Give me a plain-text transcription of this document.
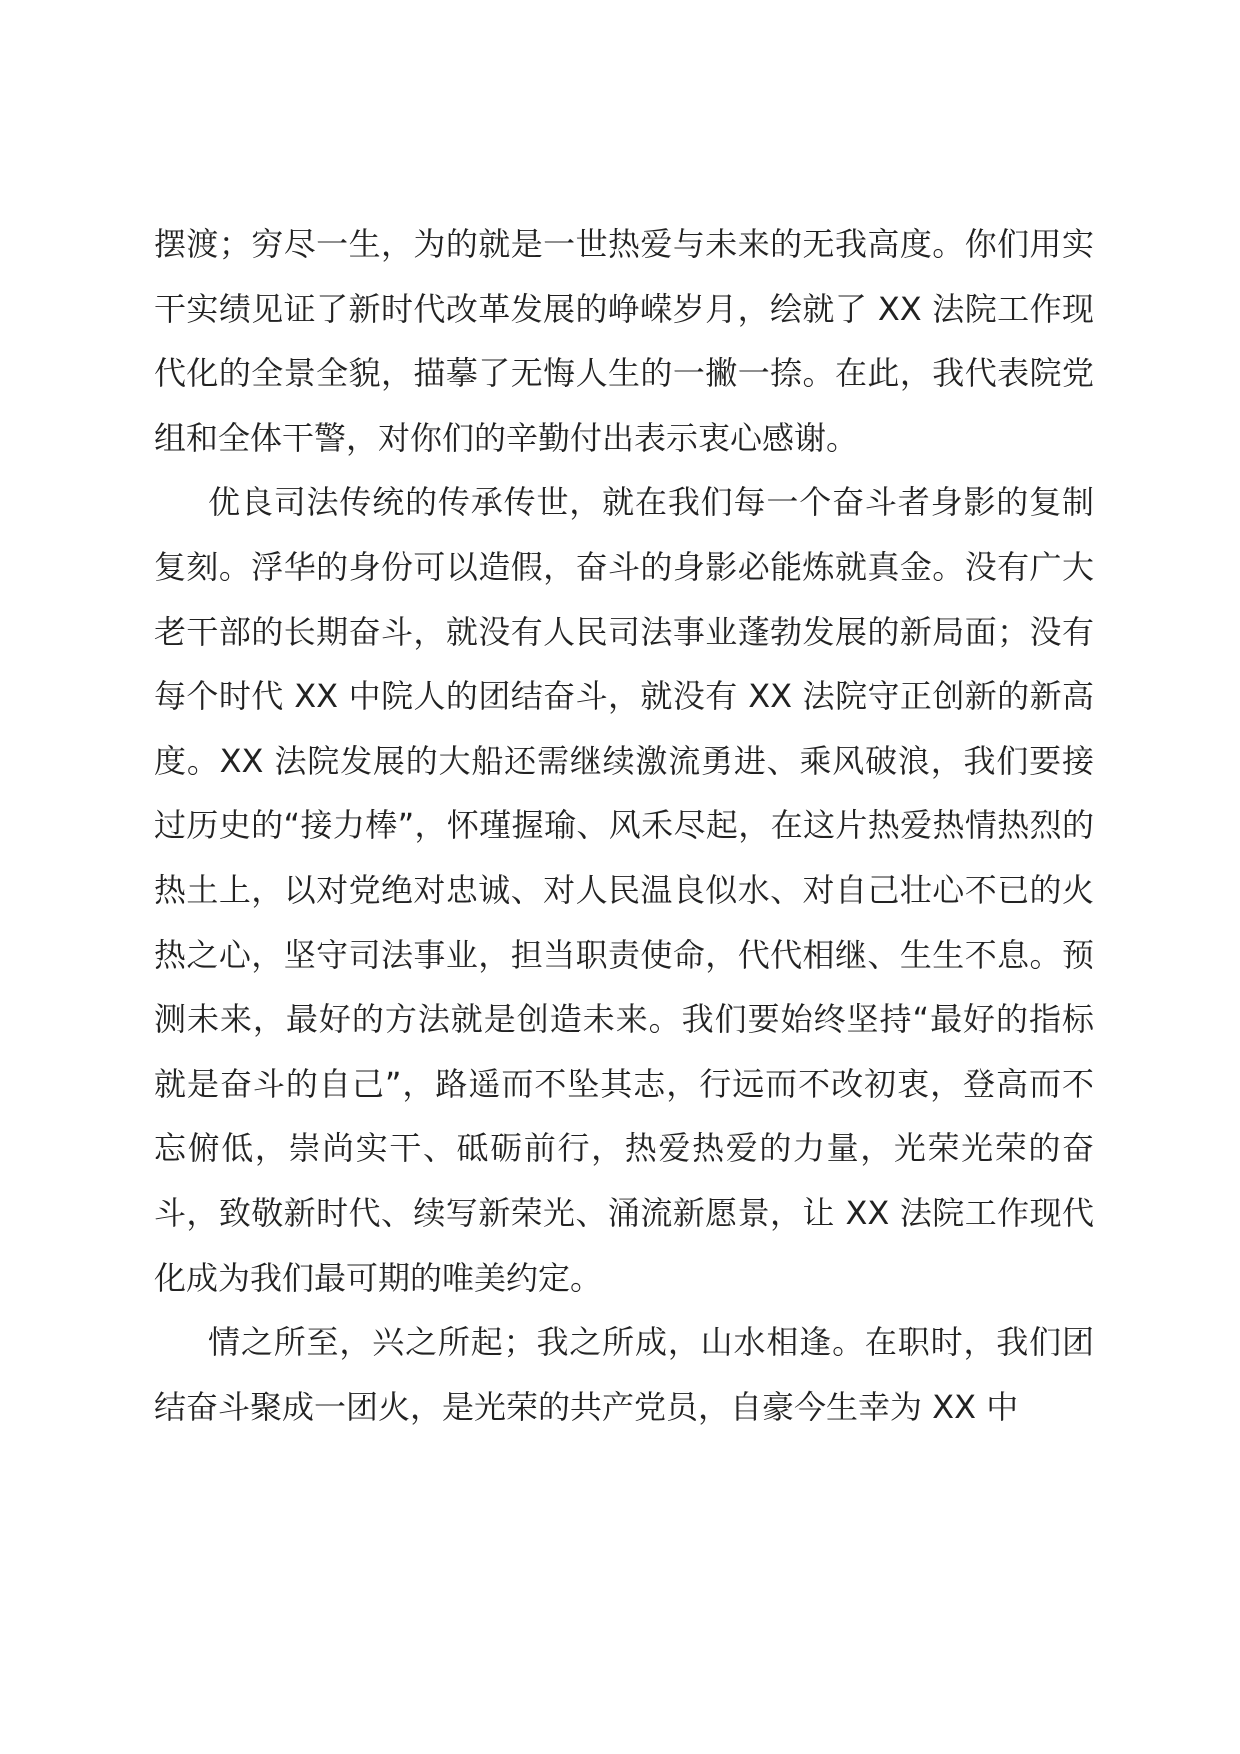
摆渡；穷尽一生，为的就是一世热爱与未来的无我高度。你们用实干实绩见证了新时代改革发展的峥嵘岁月，绘就了 XX 法院工作现代化的全景全貌，描摹了无悔人生的一撇一捺。在此，我代表院党组和全体干警，对你们的辛勤付出表示衷心感谢。

优良司法传统的传承传世，就在我们每一个奋斗者身影的复制复刻。浮华的身份可以造假，奋斗的身影必能炼就真金。没有广大老干部的长期奋斗，就没有人民司法事业蓬勃发展的新局面；没有每个时代 XX 中院人的团结奋斗，就没有 XX 法院守正创新的新高度。XX 法院发展的大船还需继续激流勇进、乘风破浪，我们要接过历史的“接力棒”，怀瑾握瑜、风禾尽起，在这片热爱热情热烈的热土上，以对党绝对忠诚、对人民温良似水、对自己壮心不已的火热之心，坚守司法事业，担当职责使命，代代相继、生生不息。预测未来，最好的方法就是创造未来。我们要始终坚持“最好的指标就是奋斗的自己”，路遥而不坠其志，行远而不改初衷，登高而不忘俯低，崇尚实干、砥砺前行，热爱热爱的力量，光荣光荣的奋斗，致敬新时代、续写新荣光、涌流新愿景，让 XX 法院工作现代化成为我们最可期的唯美约定。

情之所至，兴之所起；我之所成，山水相逢。在职时，我们团结奋斗聚成一团火，是光荣的共产党员，自豪今生幸为 XX 中
